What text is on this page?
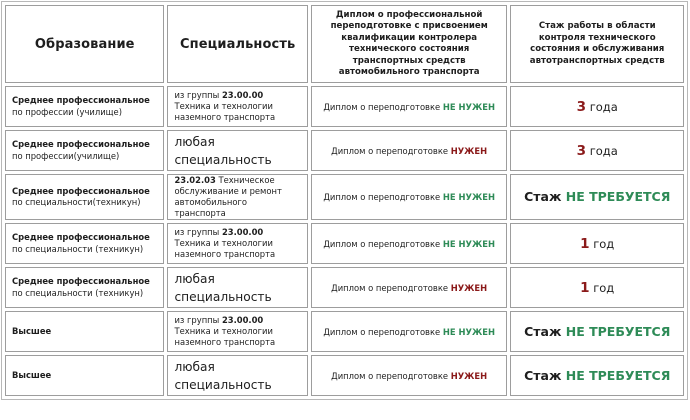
Образование	Специальность	Диплом о профессиональной переподготовке с присвоением квалификации контролера технического состояния транспортных средств автомобильного транспорта	Стаж работы в области контроля технического состояния и обслуживания автотранспортных средств
Среднее профессиональное
по профессии (училище)	из группы 23.00.00 Техника и технологии наземного транспорта	Диплом о переподготовке НЕ НУЖЕН	3 года
Среднее профессиональное
по профессии(училище)	любая специальность	Диплом о переподготовке НУЖЕН	3 года
Среднее профессиональное
по специальности(техникун)	23.02.03 Техническое обслуживание и ремонт автомобильного транспорта	Диплом о переподготовке НЕ НУЖЕН	Стаж НЕ ТРЕБУЕТСЯ

Среднее профессиональное
по специальности (техникун)	из группы 23.00.00 Техника и технологии наземного транспорта	Диплом о переподготовке НЕ НУЖЕН	1 год
Среднее профессиональное
по специальности (техникун)	любая специальность	Диплом о переподготовке НУЖЕН	1 год
Высшее	из группы 23.00.00 Техника и технологии наземного транспорта	Диплом о переподготовке НЕ НУЖЕН	Стаж НЕ ТРЕБУЕТСЯ

Высшее	любая специальность	Диплом о переподготовке НУЖЕН	Стаж НЕ ТРЕБУЕТСЯ
